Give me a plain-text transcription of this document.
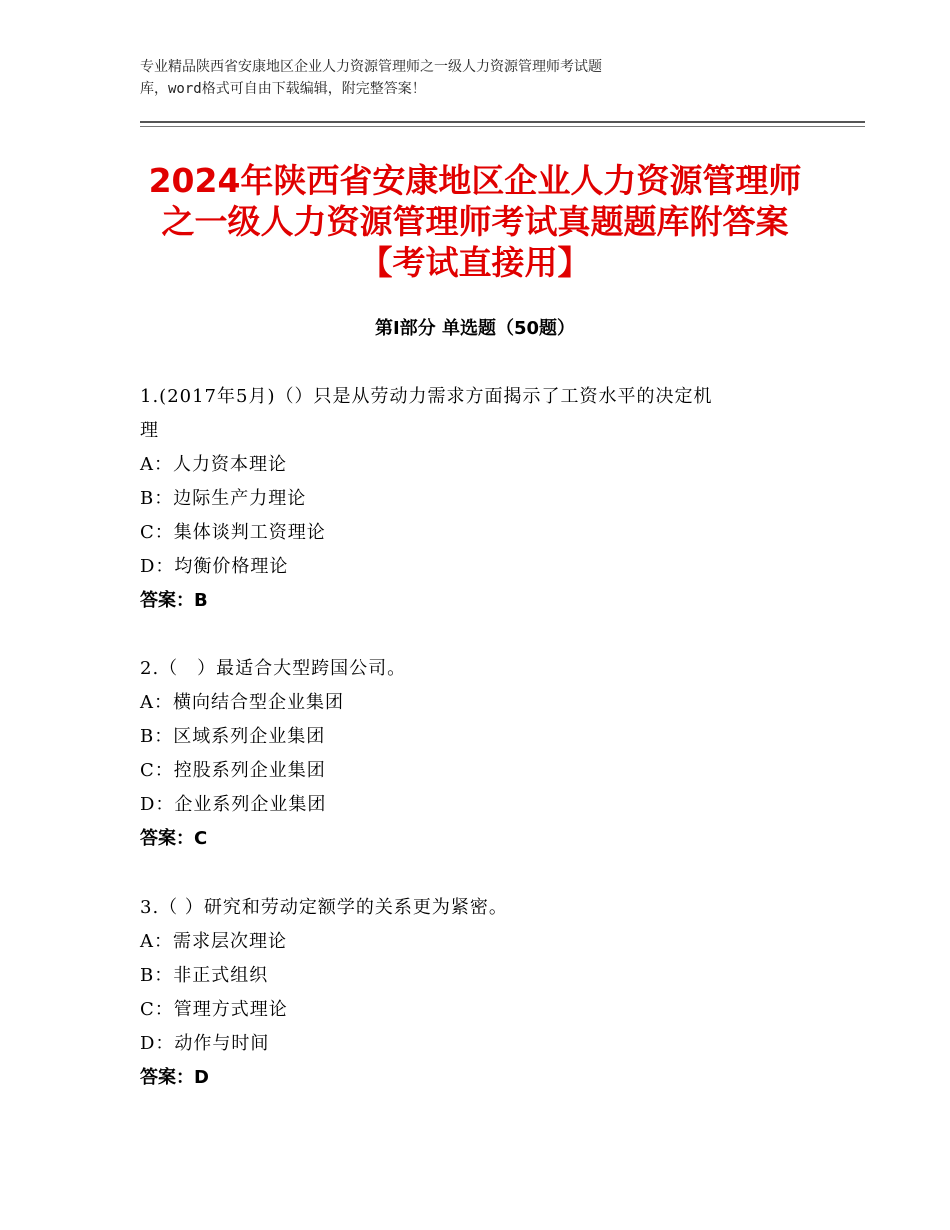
专业精品陕西省安康地区企业人力资源管理师之一级人力资源管理师考试题
库，word格式可自由下载编辑，附完整答案！
2024年陕西省安康地区企业人力资源管理师
之一级人力资源管理师考试真题题库附答案
【考试直接用】
第Ⅰ部分 单选题（50题）
1.(2017年5月)（）只是从劳动力需求方面揭示了工资水平的决定机
理
A：人力资本理论
B：边际生产力理论
C：集体谈判工资理论
D：均衡价格理论
答案：B
2.（　）最适合大型跨国公司。
A：横向结合型企业集团
B：区域系列企业集团
C：控股系列企业集团
D：企业系列企业集团
答案：C
3.（ ）研究和劳动定额学的关系更为紧密。
A：需求层次理论
B：非正式组织
C：管理方式理论
D：动作与时间
答案：D
